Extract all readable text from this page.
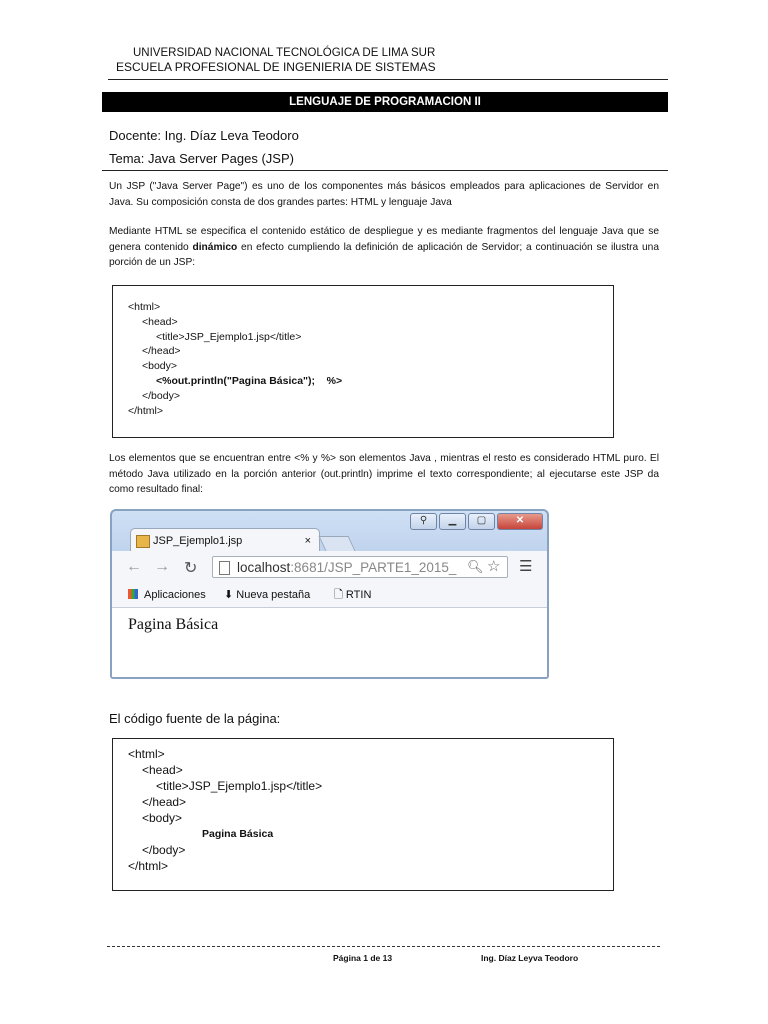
UNIVERSIDAD NACIONAL TECNOLÓGICA DE LIMA SUR
ESCUELA PROFESIONAL DE INGENIERIA DE SISTEMAS
LENGUAJE DE PROGRAMACION II
Docente: Ing. Díaz Leva Teodoro
Tema: Java Server Pages (JSP)
Un JSP ("Java Server Page") es uno de los componentes más básicos empleados para aplicaciones de Servidor en Java. Su composición consta de dos grandes partes: HTML y lenguaje Java
Mediante HTML se especifica el contenido estático de despliegue y es mediante fragmentos del lenguaje Java que se genera contenido dinámico en efecto cumpliendo la definición de aplicación de Servidor; a continuación se ilustra una porción de un JSP:
<html>
<head>
<title>JSP_Ejemplo1.jsp</title>
</head>
<body>
<%out.println("Pagina Básica");    %>
</body>
</html>
Los elementos que se encuentran entre <% y %> son elementos Java , mientras el resto es considerado HTML puro. El método Java utilizado en la porción anterior (out.println) imprime el texto correspondiente; al ejecutarse este JSP da como resultado final:
⚲	▁	▢	✕
JSP_Ejemplo1.jsp	×
← → ↻	localhost:8681/JSP_PARTE1_2015_ 🔍︎ ☆ ☰
Aplicaciones ⬇ Nueva pestaña 🗋︎ RTIN
Pagina Básica
El código fuente de la página:
<html>
<head>
<title>JSP_Ejemplo1.jsp</title>
</head>
<body>
Pagina Básica
</body>
</html>
Página 1 de 13	Ing. Díaz Leyva Teodoro
